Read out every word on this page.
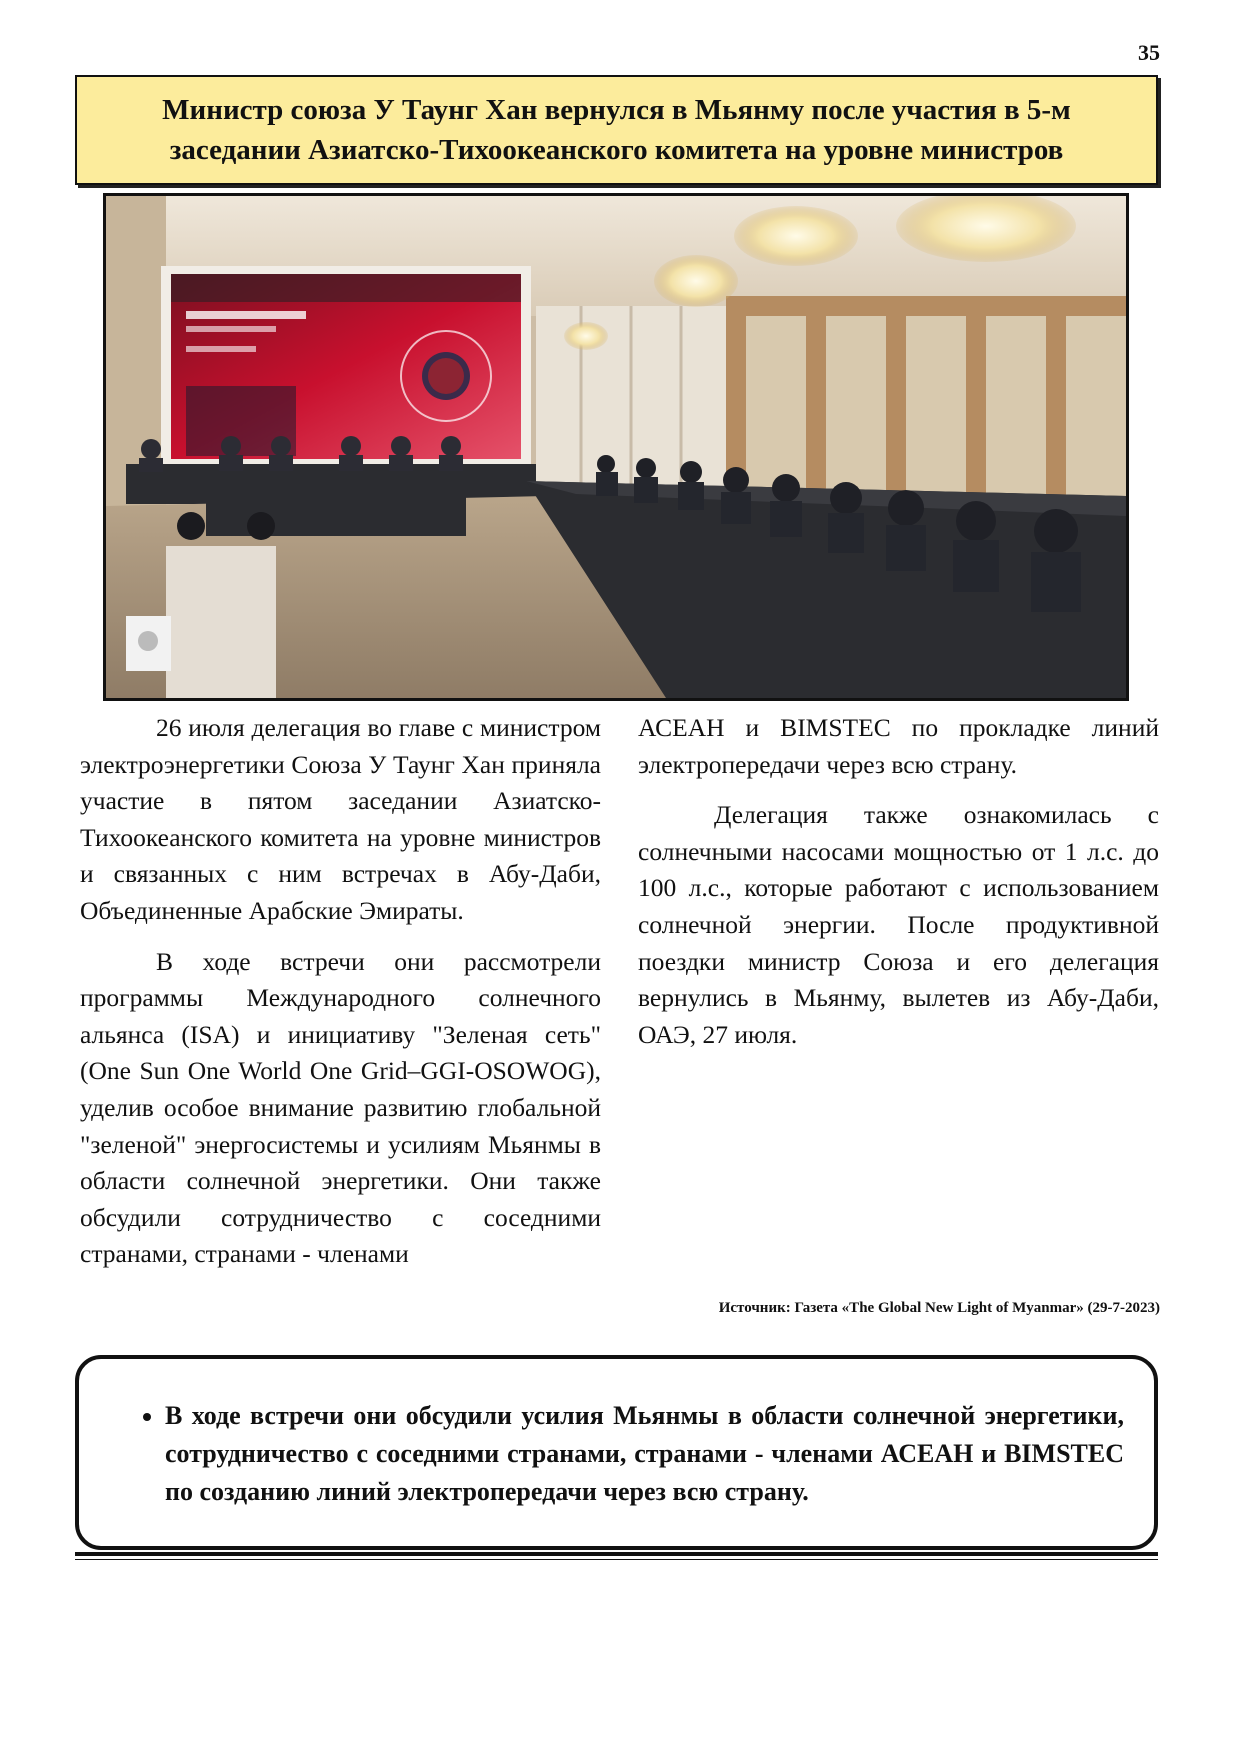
35
Министр союза У Таунг Хан вернулся в Мьянму после участия в 5-м заседании Азиатско-Тихоокеанского комитета на уровне министров

26 июля делегация во главе с министром электроэнергетики Союза У Таунг Хан приняла участие в пятом заседании Азиатско-Тихоокеанского комитета на уровне министров и связанных с ним встречах в Абу-Даби, Объединенные Арабские Эмираты.

В ходе встречи они рассмотрели программы Международного солнечного альянса (ISA) и инициативу "Зеленая сеть" (One Sun One World One Grid–GGI-OSOWOG), уделив особое внимание развитию глобальной "зеленой" энергосистемы и усилиям Мьянмы в области солнечной энергетики. Они также обсудили сотрудничество с соседними странами, странами - членами

АСЕАН и BIMSTEC по прокладке линий электропередачи через всю страну.

Делегация также ознакомилась с солнечными насосами мощностью от 1 л.с. до 100 л.с., которые работают с использованием солнечной энергии. После продуктивной поездки министр Союза и его делегация вернулись в Мьянму, вылетев из Абу-Даби, ОАЭ, 27 июля.

Источник: Газета «The Global New Light of Myanmar» (29-7-2023)
• В ходе встречи они обсудили усилия Мьянмы в области солнечной энергетики, сотрудничество с соседними странами, странами - членами АСЕАН и BIMSTEC по созданию линий электропередачи через всю страну.
